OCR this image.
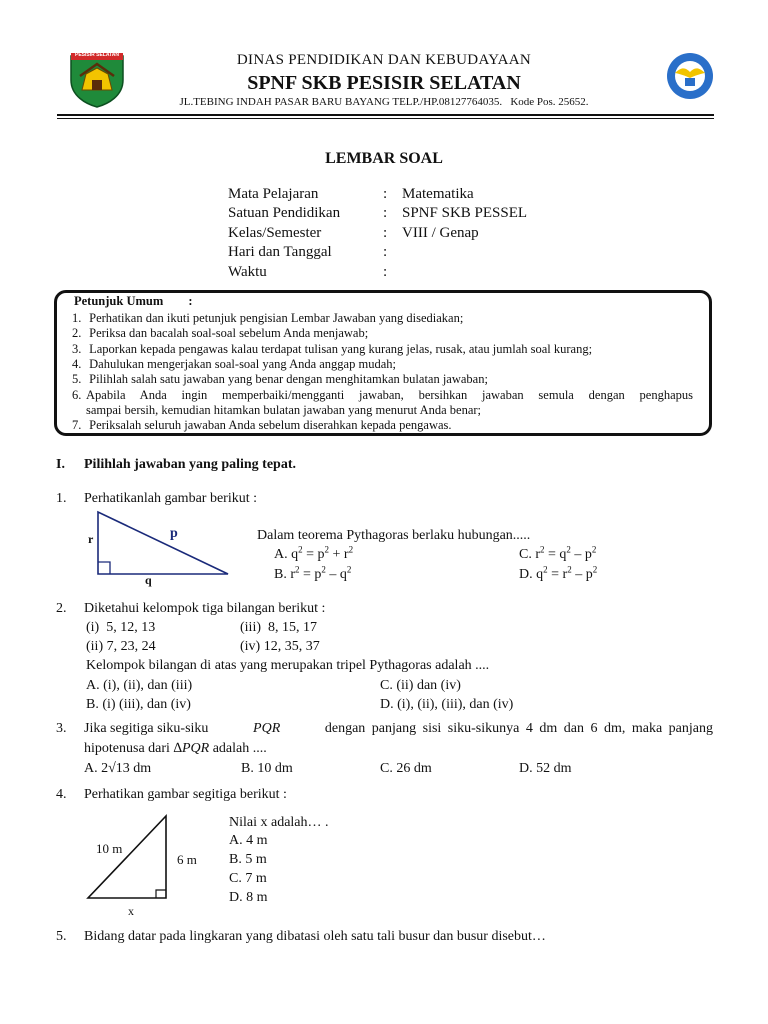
PESISIR SELATAN	DINAS PENDIDIKAN DAN KEBUDAYAAN
SPNF SKB PESISIR SELATAN
JL.TEBING INDAH PASAR BARU BAYANG TELP./HP.08127764035.   Kode Pos. 25652.
LEMBAR SOAL
Mata Pelajaran	: Matematika
Satuan Pendidikan	: SPNF SKB PESSEL
Kelas/Semester	: VIII / Genap
Hari dan Tanggal	:
Waktu	:
Petunjuk Umum :
1. Perhatikan dan ikuti petunjuk pengisian Lembar Jawaban yang disediakan;
2. Periksa dan bacalah soal-soal sebelum Anda menjawab;
3. Laporkan kepada pengawas kalau terdapat tulisan yang kurang jelas, rusak, atau jumlah soal kurang;
4. Dahulukan mengerjakan soal-soal yang Anda anggap mudah;
5. Pilihlah salah satu jawaban yang benar dengan menghitamkan bulatan jawaban;
6. Apabila Anda ingin memperbaiki/mengganti jawaban, bersihkan jawaban semula dengan penghapus
sampai bersih, kemudian hitamkan bulatan jawaban yang menurut Anda benar;
7. Periksalah seluruh jawaban Anda sebelum diserahkan kepada pengawas.
I. Pilihlah jawaban yang paling tepat.
1. Perhatikanlah gambar berikut :
r	p
q
Dalam teorema Pythagoras berlaku hubungan.....
A. $q^2 = p^2 + r^2$	C. $r^2 = q^2 - p^2$
B. $r^2 = p^2 - q^2$	D. $q^2 = r^2 - p^2$
2. Diketahui kelompok tiga bilangan berikut :
(i)  5, 12, 13	(iii)  8, 15, 17
(ii) 7, 23, 24	(iv) 12, 35, 37
Kelompok bilangan di atas yang merupakan tripel Pythagoras adalah ....
A. (i), (ii), dan (iii)	C. (ii) dan (iv)
B. (i) (iii), dan (iv)	D. (i), (ii), (iii), dan (iv)
3. Jika segitiga siku-siku	PQR	dengan panjang sisi siku-sikunya 4 dm dan 6 dm, maka panjang
hipotenusa dari ∆PQR adalah ....
A. 2√13 dm	B. 10 dm	C. 26 dm	D. 52 dm
4. Perhatikan gambar segitiga berikut :
10 m
6 m
x
Nilai x adalah… .
A. 4 m
B. 5 m
C. 7 m
D. 8 m
5. Bidang datar pada lingkaran yang dibatasi oleh satu tali busur dan busur disebut…
